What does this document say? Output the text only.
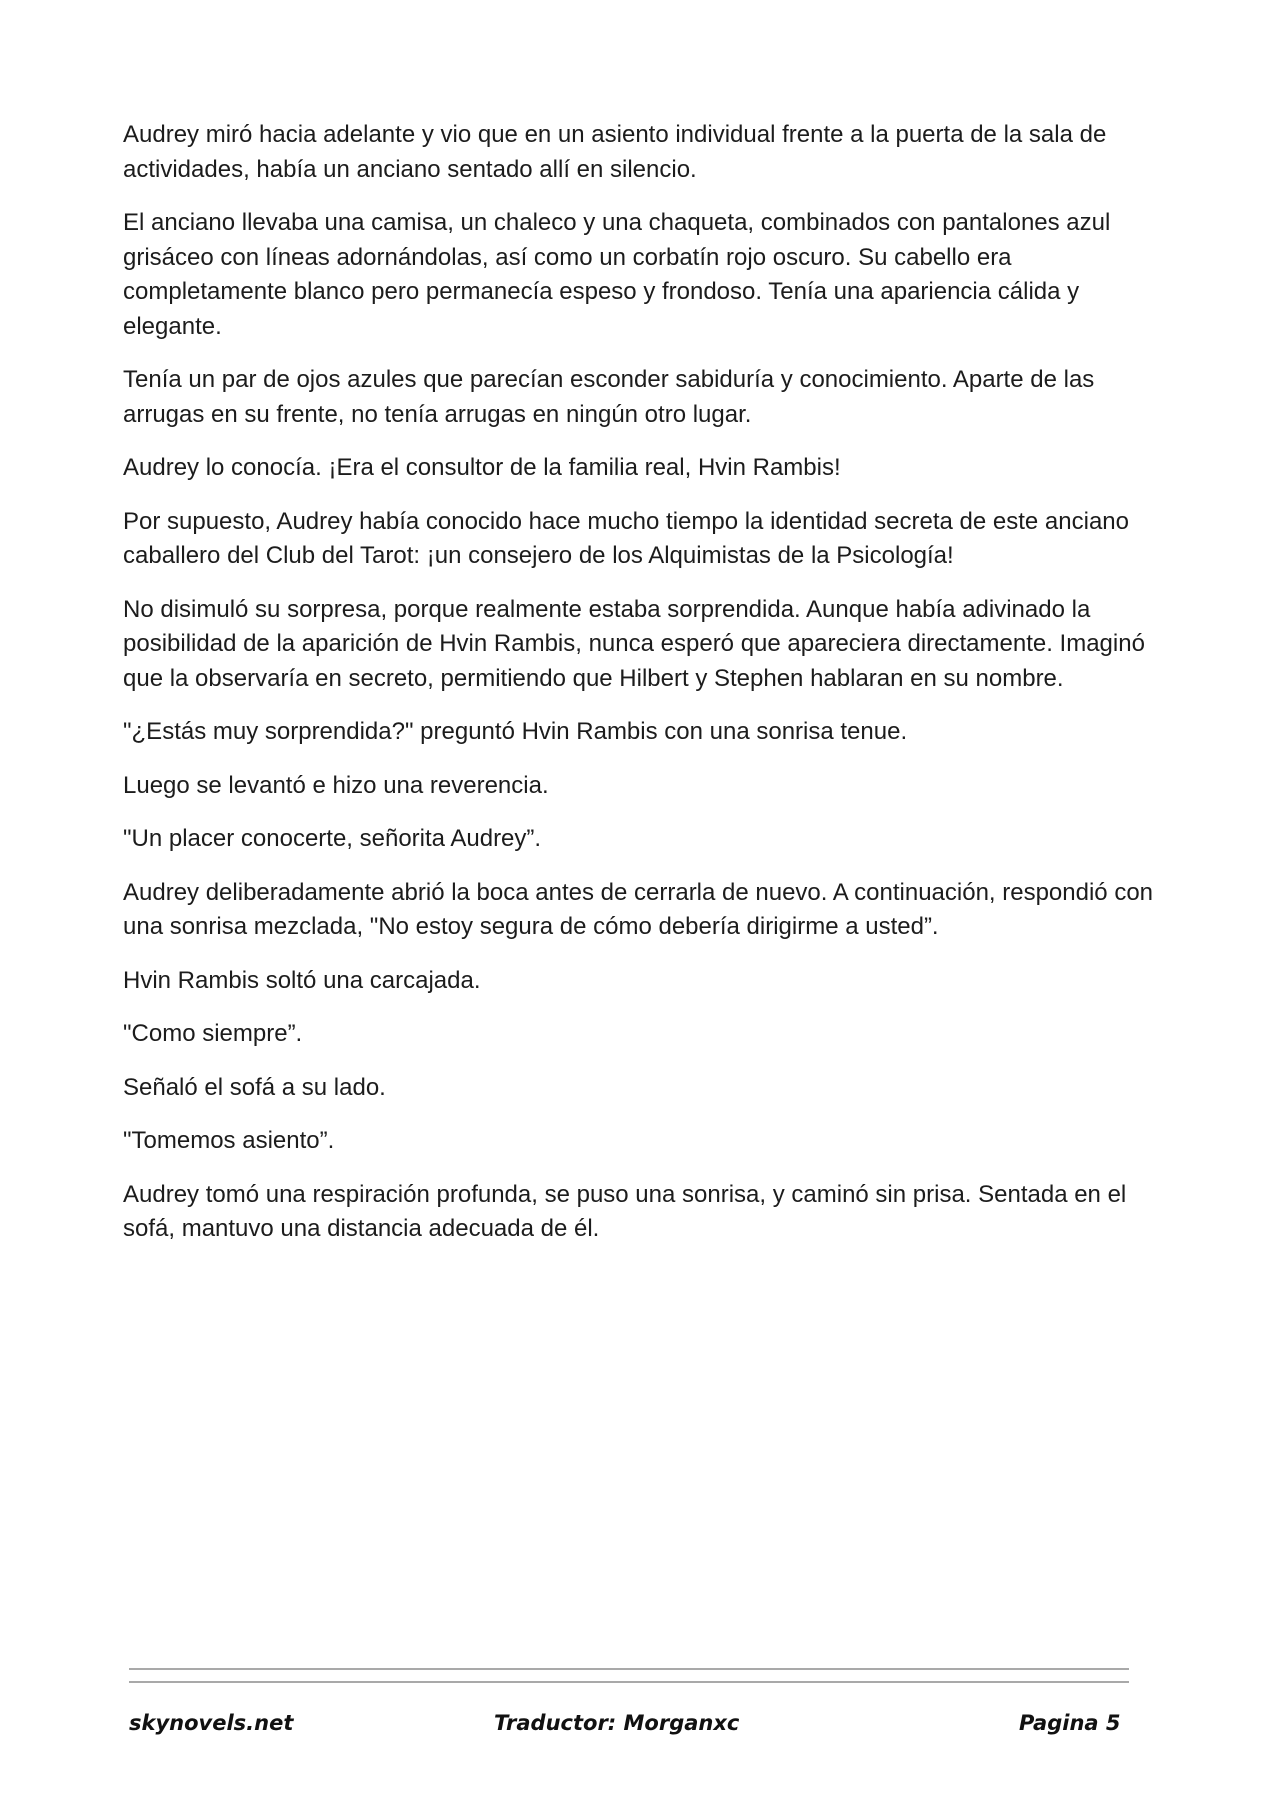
Audrey miró hacia adelante y vio que en un asiento individual frente a la puerta de la sala de actividades, había un anciano sentado allí en silencio.

El anciano llevaba una camisa, un chaleco y una chaqueta, combinados con pantalones azul grisáceo con líneas adornándolas, así como un corbatín rojo oscuro. Su cabello era completamente blanco pero permanecía espeso y frondoso. Tenía una apariencia cálida y elegante.

Tenía un par de ojos azules que parecían esconder sabiduría y conocimiento. Aparte de las arrugas en su frente, no tenía arrugas en ningún otro lugar.

Audrey lo conocía. ¡Era el consultor de la familia real, Hvin Rambis!

Por supuesto, Audrey había conocido hace mucho tiempo la identidad secreta de este anciano caballero del Club del Tarot: ¡un consejero de los Alquimistas de la Psicología!

No disimuló su sorpresa, porque realmente estaba sorprendida. Aunque había adivinado la posibilidad de la aparición de Hvin Rambis, nunca esperó que apareciera directamente. Imaginó que la observaría en secreto, permitiendo que Hilbert y Stephen hablaran en su nombre.

"¿Estás muy sorprendida?" preguntó Hvin Rambis con una sonrisa tenue.

Luego se levantó e hizo una reverencia.

"Un placer conocerte, señorita Audrey”.

Audrey deliberadamente abrió la boca antes de cerrarla de nuevo. A continuación, respondió con una sonrisa mezclada, "No estoy segura de cómo debería dirigirme a usted”.

Hvin Rambis soltó una carcajada.

"Como siempre”.

Señaló el sofá a su lado.

"Tomemos asiento”.

Audrey tomó una respiración profunda, se puso una sonrisa, y caminó sin prisa. Sentada en el sofá, mantuvo una distancia adecuada de él.

skynovels.net	Traductor: Morganxc	Pagina 5
